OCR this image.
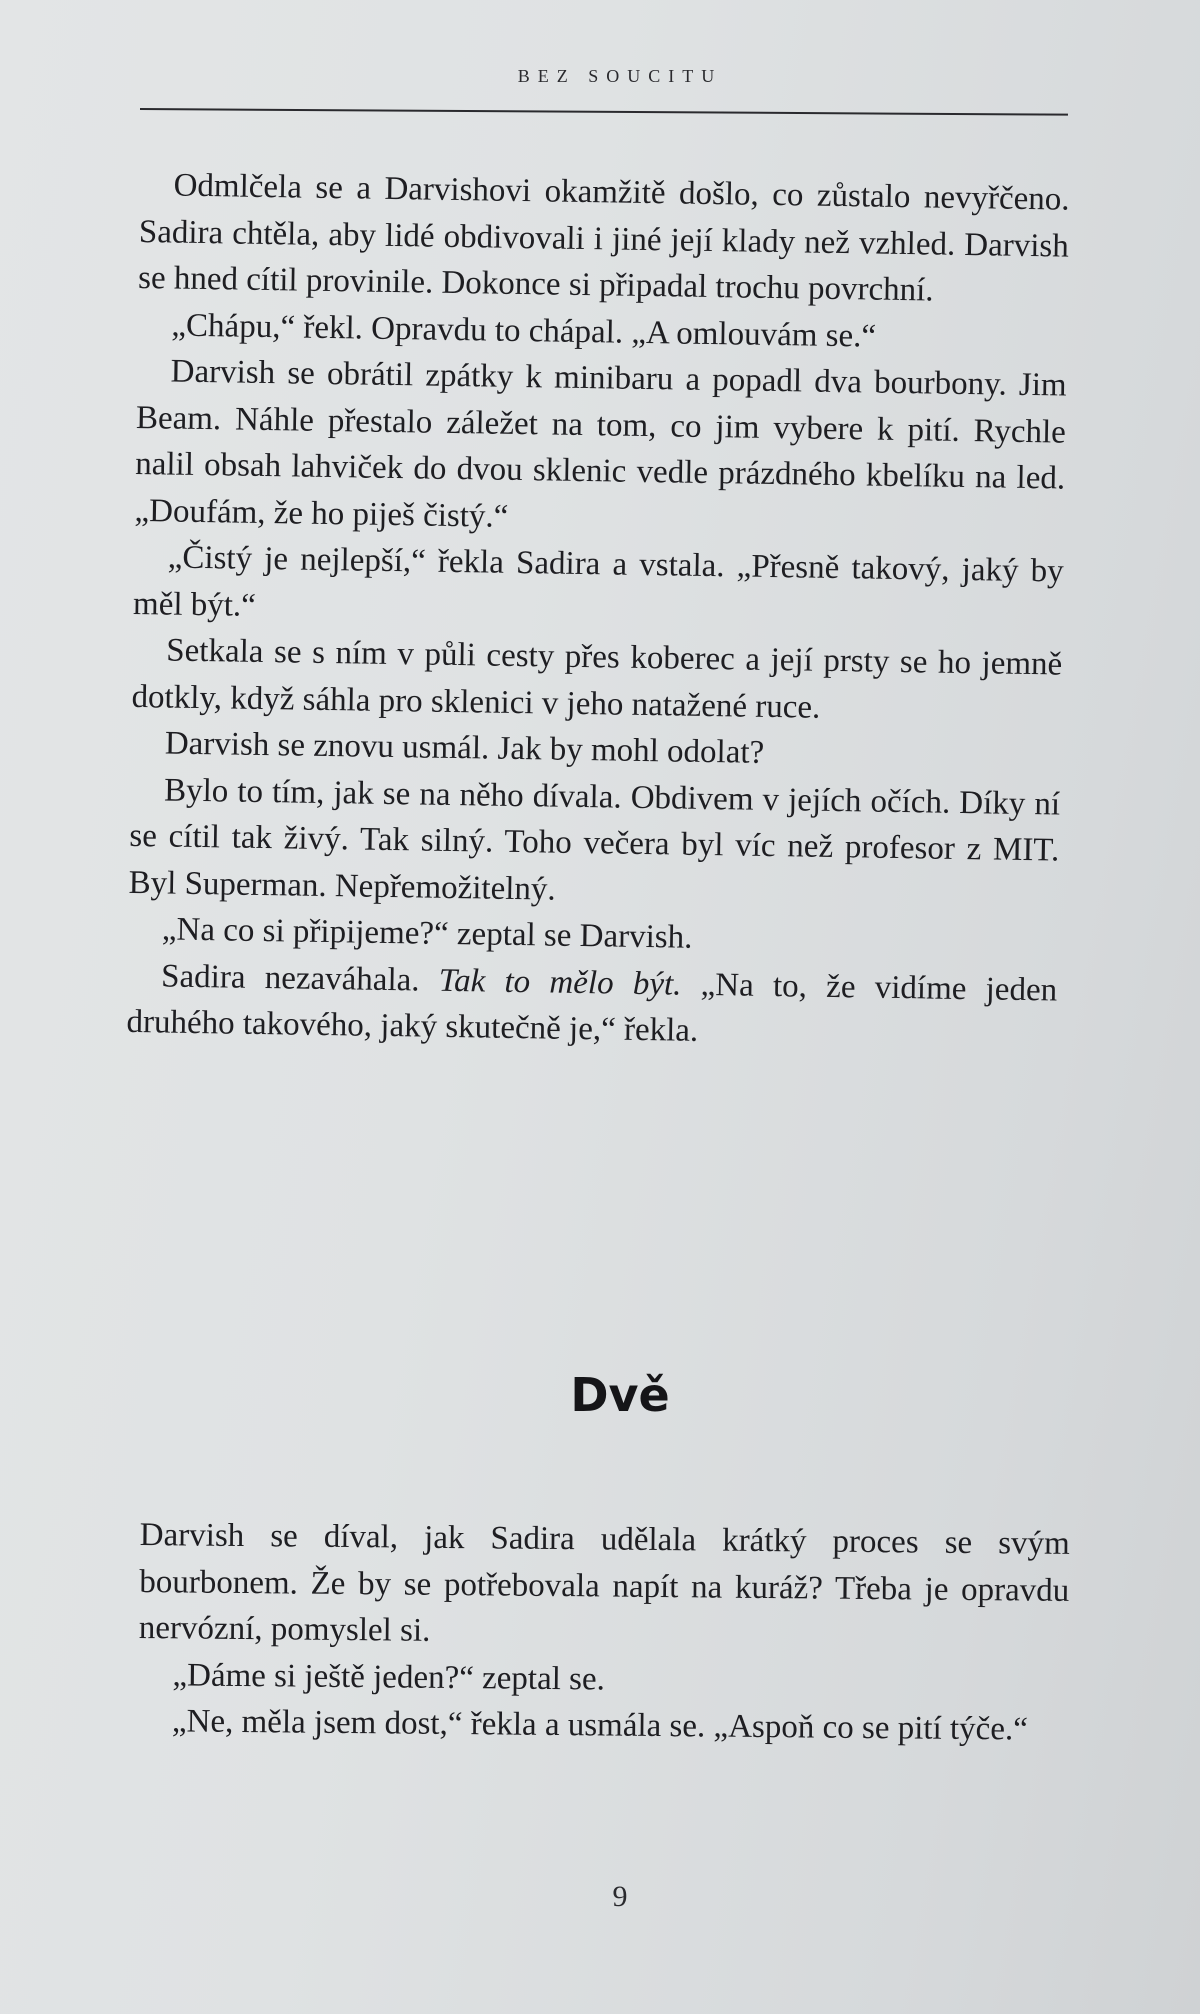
BEZ SOUCITU

Odmlčela se a Darvishovi okamžitě došlo, co zůstalo nevyřčeno. Sadira chtěla, aby lidé obdivovali i jiné její klady než vzhled. Darvish se hned cítil provinile. Dokonce si připadal trochu povrchní.

„Chápu,“ řekl. Opravdu to chápal. „A omlouvám se.“

Darvish se obrátil zpátky k minibaru a popadl dva bourbony. Jim Beam. Náhle přestalo záležet na tom, co jim vybere k pití. Rychle nalil obsah lahviček do dvou sklenic vedle prázdného kbelíku na led. „Doufám, že ho piješ čistý.“

„Čistý je nejlepší,“ řekla Sadira a vstala. „Přesně takový, jaký by měl být.“

Setkala se s ním v půli cesty přes koberec a její prsty se ho jemně dotkly, když sáhla pro sklenici v jeho natažené ruce.

Darvish se znovu usmál. Jak by mohl odolat?

Bylo to tím, jak se na něho dívala. Obdivem v jejích očích. Díky ní se cítil tak živý. Tak silný. Toho večera byl víc než profesor z MIT. Byl Superman. Nepřemožitelný.

„Na co si připijeme?“ zeptal se Darvish.

Sadira nezaváhala. Tak to mělo být. „Na to, že vidíme jeden druhého takového, jaký skutečně je,“ řekla.

Dvě

Darvish se díval, jak Sadira udělala krátký proces se svým bourbonem. Že by se potřebovala napít na kuráž? Třeba je opravdu nervózní, pomyslel si.

„Dáme si ještě jeden?“ zeptal se.

„Ne, měla jsem dost,“ řekla a usmála se. „Aspoň co se pití týče.“

9
